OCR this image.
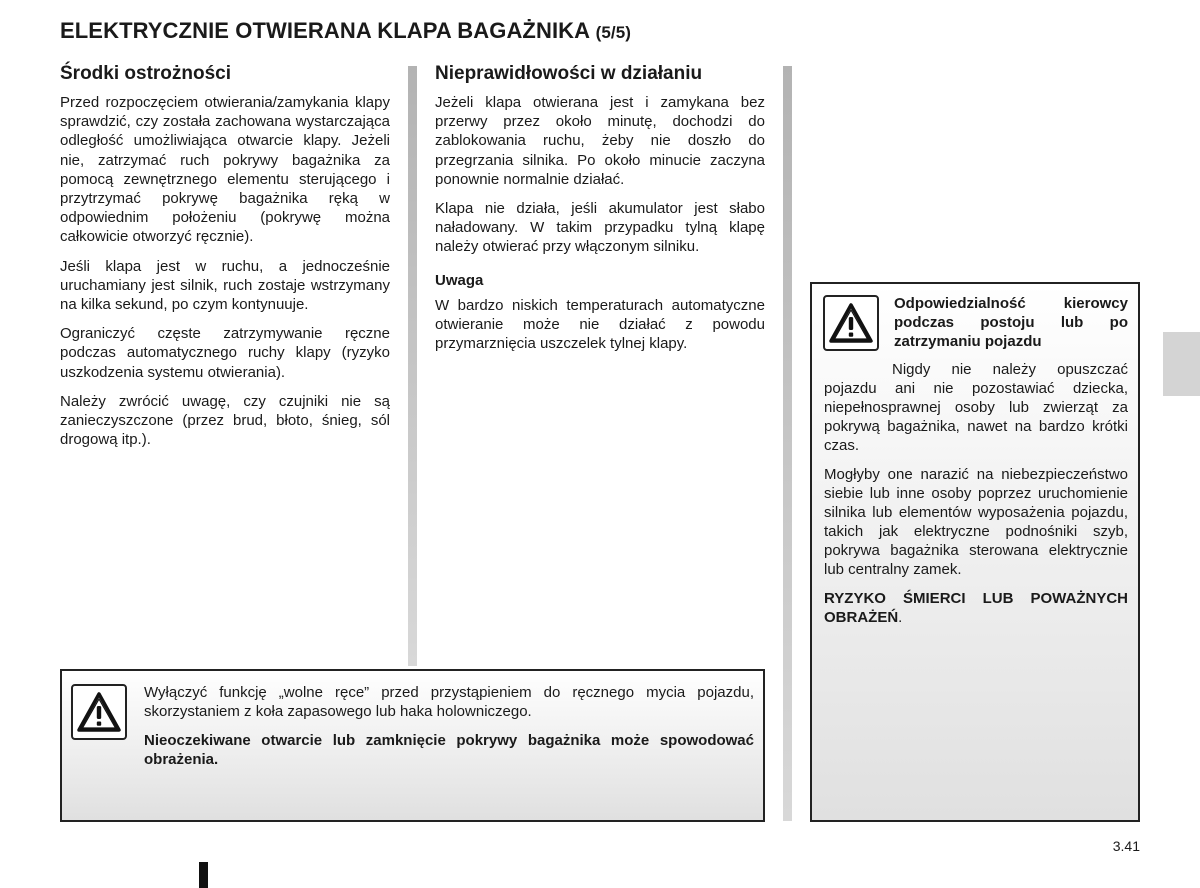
ELEKTRYCZNIE OTWIERANA KLAPA BAGAŻNIKA (5/5)
Środki ostrożności

Przed rozpoczęciem otwierania/zamykania klapy sprawdzić, czy została zachowana wystarczająca odległość umożliwiająca otwarcie klapy. Jeżeli nie, zatrzymać ruch pokrywy bagażnika za pomocą zewnętrznego elementu sterującego i przytrzymać pokrywę bagażnika ręką w odpowiednim położeniu (pokrywę można całkowicie otworzyć ręcznie).

Jeśli klapa jest w ruchu, a jednocześnie uruchamiany jest silnik, ruch zostaje wstrzymany na kilka sekund, po czym kontynuuje.

Ograniczyć częste zatrzymywanie ręczne podczas automatycznego ruchy klapy (ryzyko uszkodzenia systemu otwierania).

Należy zwrócić uwagę, czy czujniki nie są zanieczyszczone (przez brud, błoto, śnieg, sól drogową itp.).

Nieprawidłowości w działaniu

Jeżeli klapa otwierana jest i zamykana bez przerwy przez około minutę, dochodzi do zablokowania ruchu, żeby nie doszło do przegrzania silnika. Po około minucie zaczyna ponownie normalnie działać.

Klapa nie działa, jeśli akumulator jest słabo naładowany. W takim przypadku tylną klapę należy otwierać przy włączonym silniku.

Uwaga

W bardzo niskich temperaturach automatyczne otwieranie może nie działać z powodu przymarznięcia uszczelek tylnej klapy.

Wyłączyć funkcję „wolne ręce” przed przystąpieniem do ręcznego mycia pojazdu, skorzystaniem z koła zapasowego lub haka holowniczego.

Nieoczekiwane otwarcie lub zamknięcie pokrywy bagażnika może spowodować obrażenia.

Odpowiedzialność kierowcy podczas postoju lub po zatrzymaniu pojazdu

Nigdy nie należy opuszczać pojazdu ani nie pozostawiać dziecka, niepełnosprawnej osoby lub zwierząt za pokrywą bagażnika, nawet na bardzo krótki czas.

Mogłyby one narazić na niebezpieczeństwo siebie lub inne osoby poprzez uruchomienie silnika lub elementów wyposażenia pojazdu, takich jak elektryczne podnośniki szyb, pokrywa bagażnika sterowana elektrycznie lub centralny zamek.

RYZYKO ŚMIERCI LUB POWAŻNYCH OBRAŻEŃ.

3.41
